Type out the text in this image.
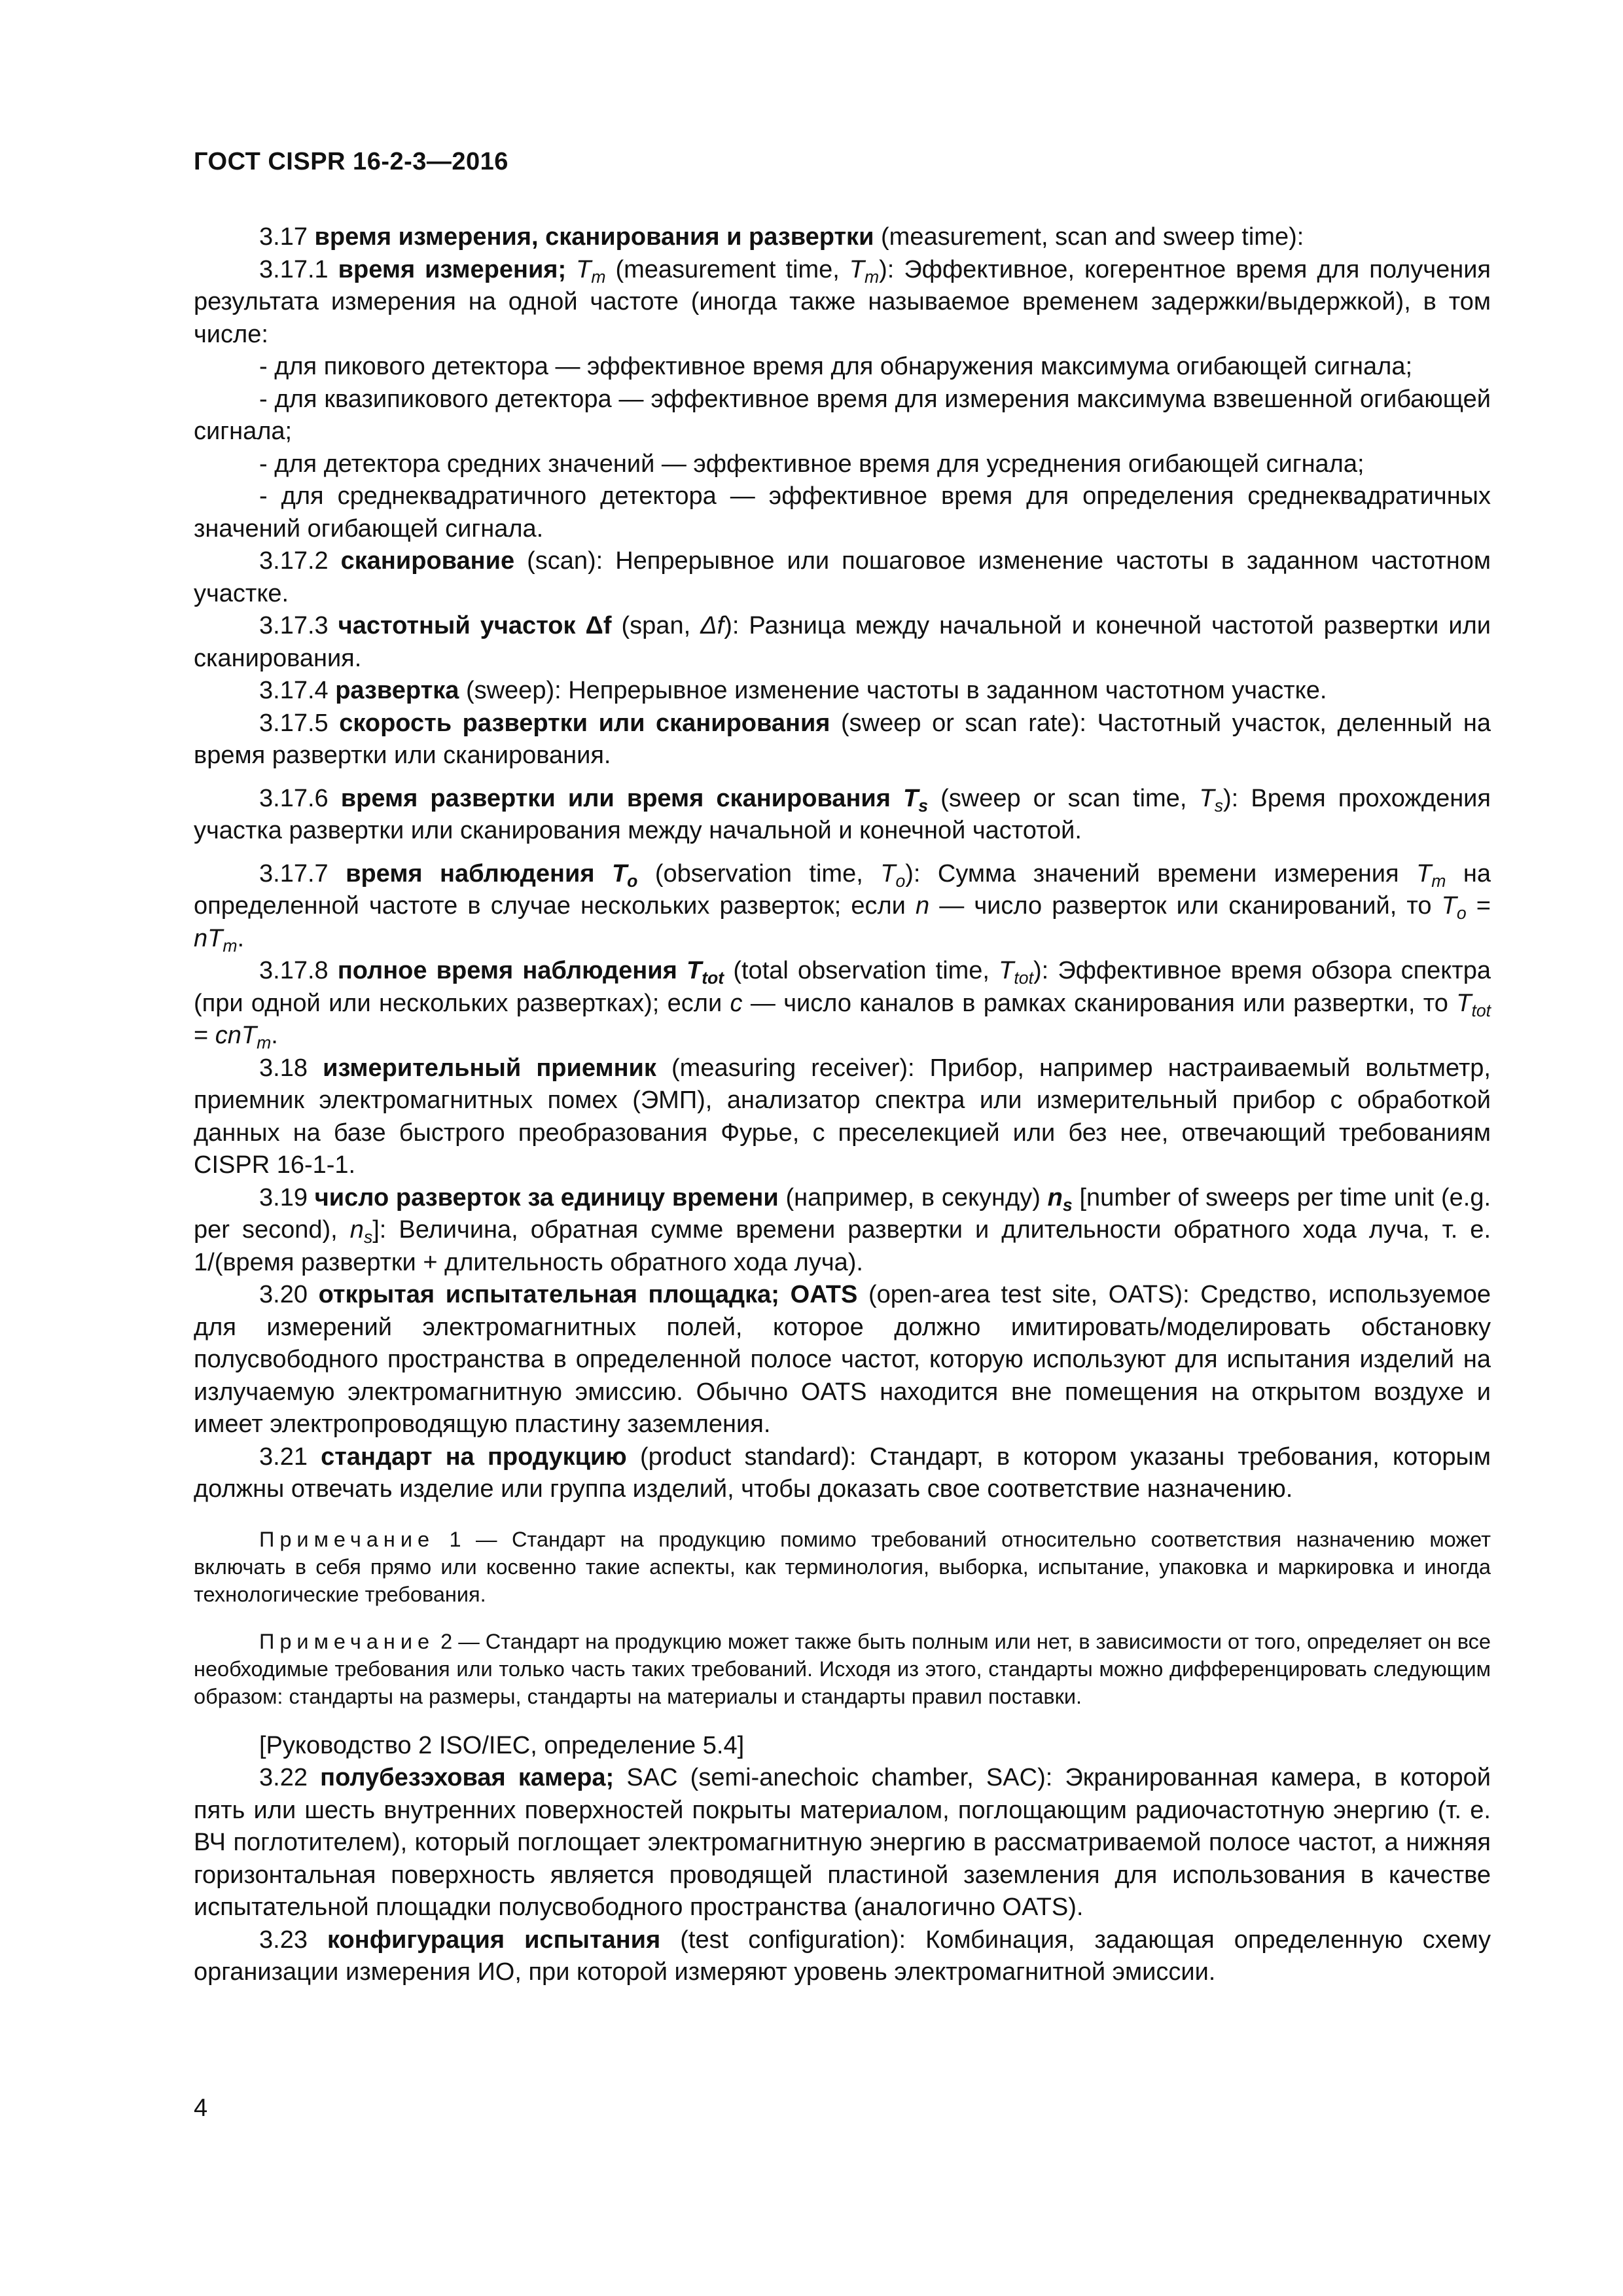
ГОСТ CISPR 16-2-3—2016

3.17 время измерения, сканирования и развертки (measurement, scan and sweep time):

3.17.1 время измерения; $T_m$ (measurement time, $T_m$): Эффективное, когерентное время для получения результата измерения на одной частоте (иногда также называемое временем задержки/выдержкой), в том числе:

- для пикового детектора — эффективное время для обнаружения максимума огибающей сигнала;

- для квазипикового детектора — эффективное время для измерения максимума взвешенной огибающей сигнала;

- для детектора средних значений — эффективное время для усреднения огибающей сигнала;

- для среднеквадратичного детектора — эффективное время для определения среднеквадратичных значений огибающей сигнала.

3.17.2 сканирование (scan): Непрерывное или пошаговое изменение частоты в заданном частотном участке.

3.17.3 частотный участок Δf (span, Δf): Разница между начальной и конечной частотой развертки или сканирования.

3.17.4 развертка (sweep): Непрерывное изменение частоты в заданном частотном участке.

3.17.5 скорость развертки или сканирования (sweep or scan rate): Частотный участок, деленный на время развертки или сканирования.

3.17.6 время развертки или время сканирования $T_s$ (sweep or scan time, $T_s$): Время прохождения участка развертки или сканирования между начальной и конечной частотой.

3.17.7 время наблюдения $T_o$ (observation time, $T_o$): Сумма значений времени измерения $T_m$ на определенной частоте в случае нескольких разверток; если n — число разверток или сканирований, то $T_o = nT_m$.

3.17.8 полное время наблюдения $T_{tot}$ (total observation time, $T_{tot}$): Эффективное время обзора спектра (при одной или нескольких развертках); если c — число каналов в рамках сканирования или развертки, то $T_{tot} = cnT_m$.

3.18 измерительный приемник (measuring receiver): Прибор, например настраиваемый вольтметр, приемник электромагнитных помех (ЭМП), анализатор спектра или измерительный прибор с обработкой данных на базе быстрого преобразования Фурье, с преселекцией или без нее, отвечающий требованиям CISPR 16-1-1.

3.19 число разверток за единицу времени (например, в секунду) $n_s$ [number of sweeps per time unit (e.g. per second), $n_s$]: Величина, обратная сумме времени развертки и длительности обратного хода луча, т. е. 1/(время развертки + длительность обратного хода луча).

3.20 открытая испытательная площадка; OATS (open-area test site, OATS): Средство, используемое для измерений электромагнитных полей, которое должно имитировать/моделировать обстановку полусвободного пространства в определенной полосе частот, которую используют для испытания изделий на излучаемую электромагнитную эмиссию. Обычно OATS находится вне помещения на открытом воздухе и имеет электропроводящую пластину заземления.

3.21 стандарт на продукцию (product standard): Стандарт, в котором указаны требования, которым должны отвечать изделие или группа изделий, чтобы доказать свое соответствие назначению.

Примечание 1 — Стандарт на продукцию помимо требований относительно соответствия назначению может включать в себя прямо или косвенно такие аспекты, как терминология, выборка, испытание, упаковка и маркировка и иногда технологические требования.

Примечание 2 — Стандарт на продукцию может также быть полным или нет, в зависимости от того, определяет он все необходимые требования или только часть таких требований. Исходя из этого, стандарты можно дифференцировать следующим образом: стандарты на размеры, стандарты на материалы и стандарты правил поставки.

[Руководство 2 ISO/IEC, определение 5.4]

3.22 полубезэховая камера; SAC (semi-anechoic chamber, SAC): Экранированная камера, в которой пять или шесть внутренних поверхностей покрыты материалом, поглощающим радиочастотную энергию (т. е. ВЧ поглотителем), который поглощает электромагнитную энергию в рассматриваемой полосе частот, а нижняя горизонтальная поверхность является проводящей пластиной заземления для использования в качестве испытательной площадки полусвободного пространства (аналогично OATS).

3.23 конфигурация испытания (test configuration): Комбинация, задающая определенную схему организации измерения ИО, при которой измеряют уровень электромагнитной эмиссии.

4
